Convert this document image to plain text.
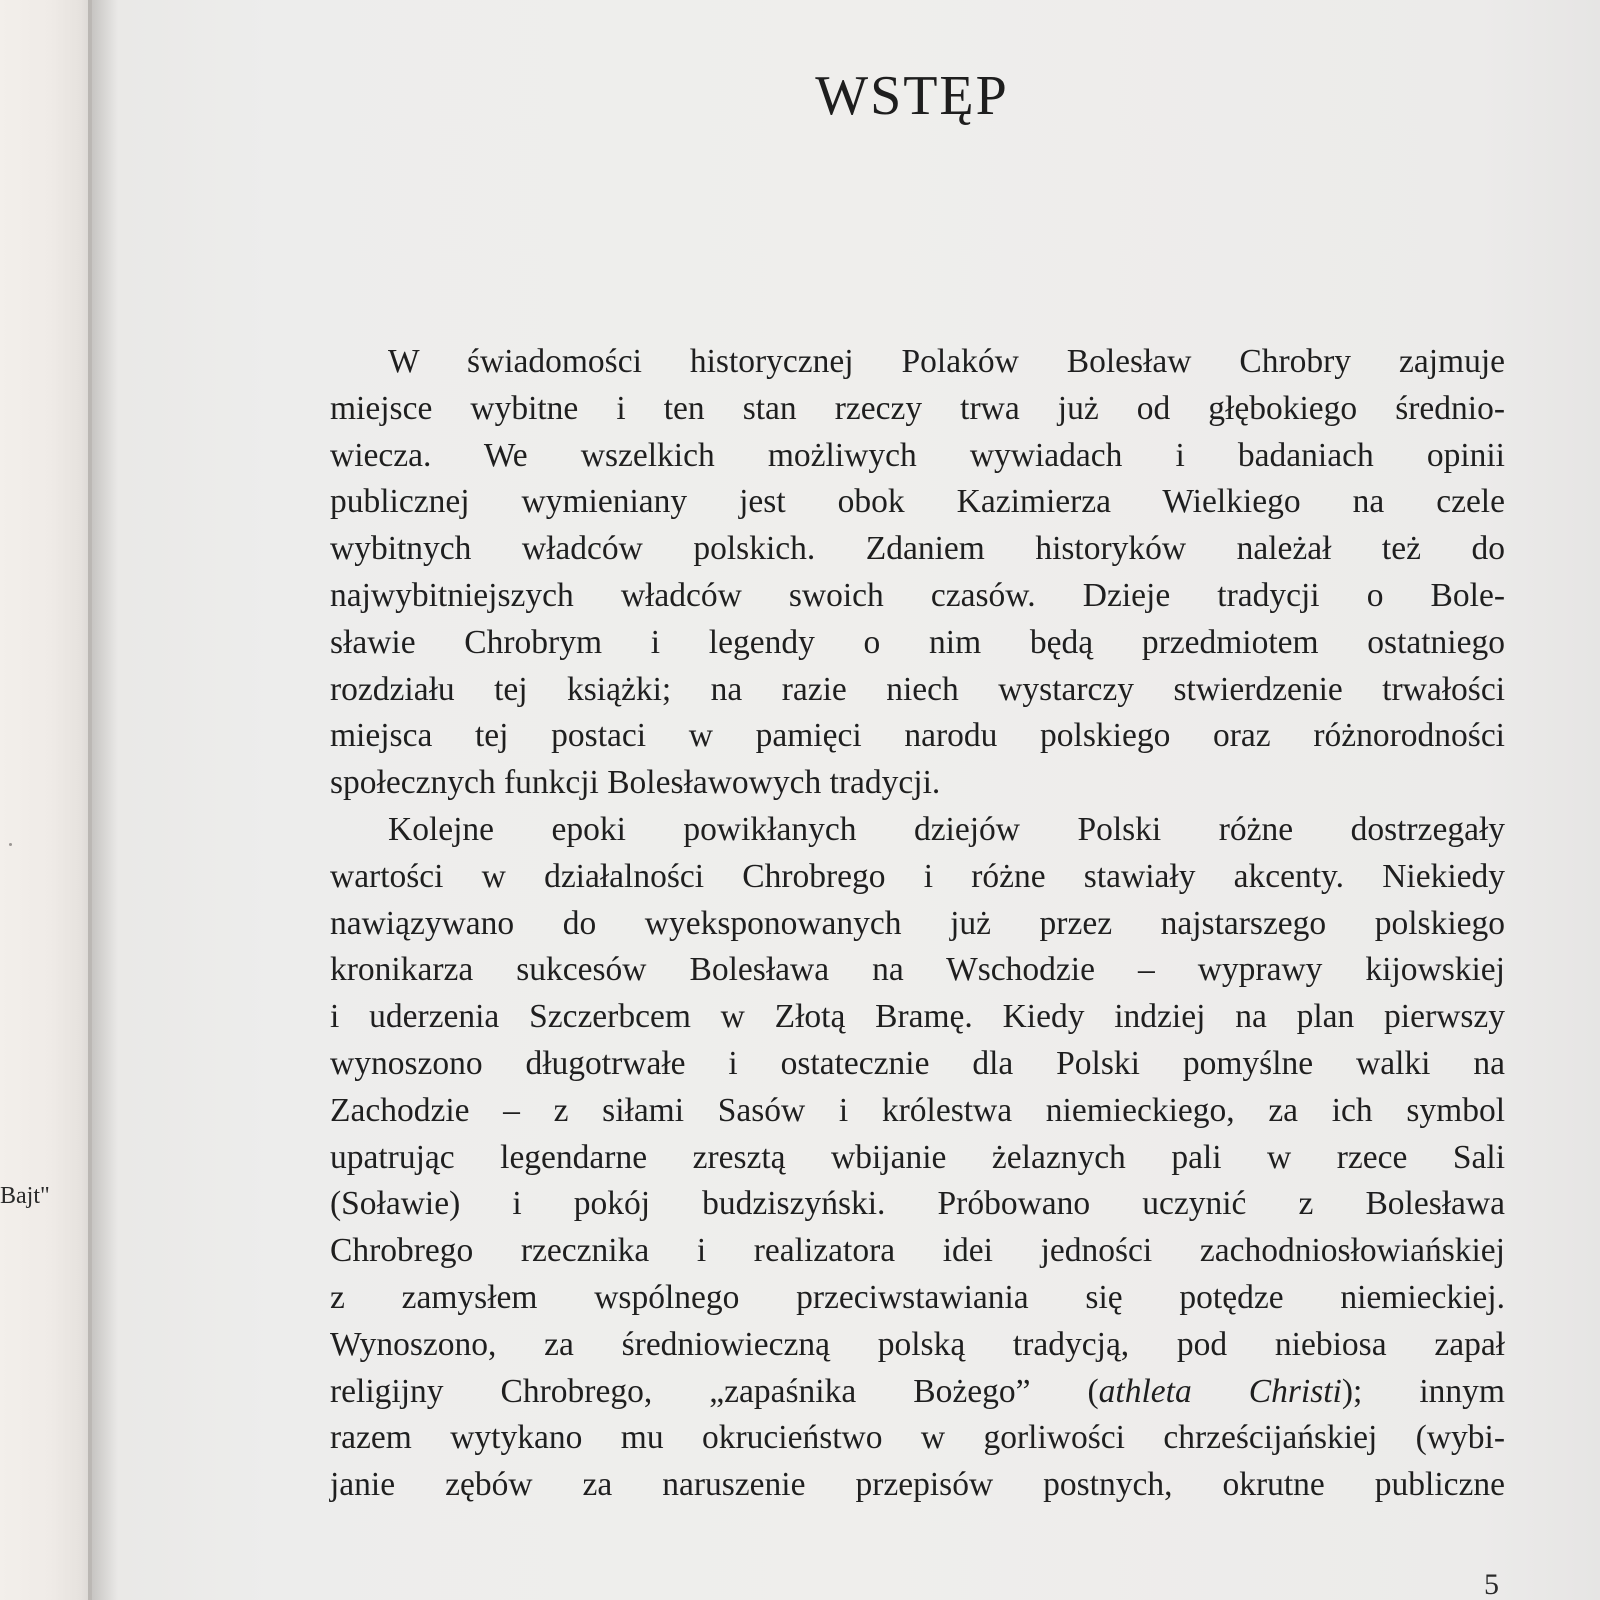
Bajt"
WSTĘP

W świadomości historycznej Polaków Bolesław Chrobry zajmuje
miejsce wybitne i ten stan rzeczy trwa już od głębokiego średnio-
wiecza. We wszelkich możliwych wywiadach i badaniach opinii
publicznej wymieniany jest obok Kazimierza Wielkiego na czele
wybitnych władców polskich. Zdaniem historyków należał też do
najwybitniejszych władców swoich czasów. Dzieje tradycji o Bole-
sławie Chrobrym i legendy o nim będą przedmiotem ostatniego
rozdziału tej książki; na razie niech wystarczy stwierdzenie trwałości
miejsca tej postaci w pamięci narodu polskiego oraz różnorodności
społecznych funkcji Bolesławowych tradycji.

Kolejne epoki powikłanych dziejów Polski różne dostrzegały
wartości w działalności Chrobrego i różne stawiały akcenty. Niekiedy
nawiązywano do wyeksponowanych już przez najstarszego polskiego
kronikarza sukcesów Bolesława na Wschodzie – wyprawy kijowskiej
i uderzenia Szczerbcem w Złotą Bramę. Kiedy indziej na plan pierwszy
wynoszono długotrwałe i ostatecznie dla Polski pomyślne walki na
Zachodzie – z siłami Sasów i królestwa niemieckiego, za ich symbol
upatrując legendarne zresztą wbijanie żelaznych pali w rzece Sali
(Soławie) i pokój budziszyński. Próbowano uczynić z Bolesława
Chrobrego rzecznika i realizatora idei jedności zachodniosłowiańskiej
z zamysłem wspólnego przeciwstawiania się potędze niemieckiej.
Wynoszono, za średniowieczną polską tradycją, pod niebiosa zapał
religijny Chrobrego, „zapaśnika Bożego” (athleta Christi); innym
razem wytykano mu okrucieństwo w gorliwości chrześcijańskiej (wybi-
janie zębów za naruszenie przepisów postnych, okrutne publiczne

5
